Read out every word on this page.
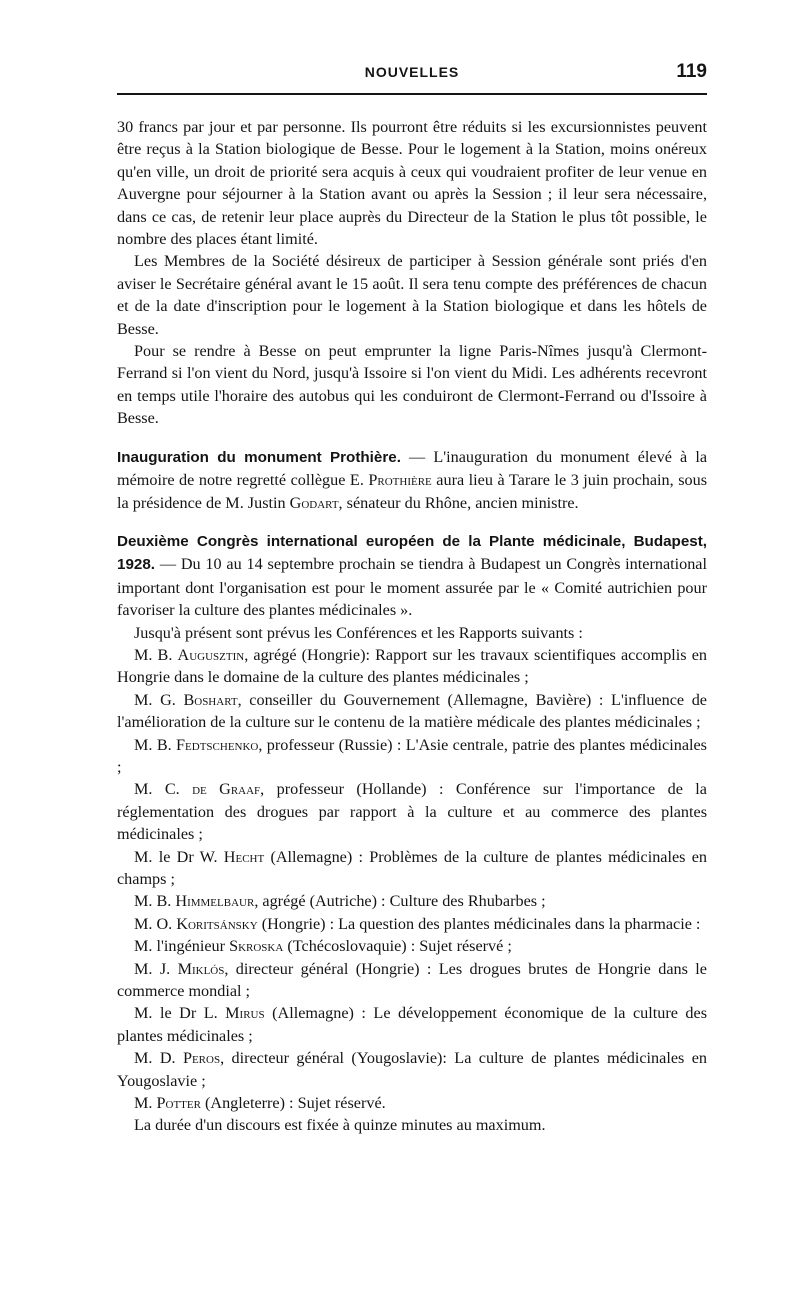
NOUVELLES	119

30 francs par jour et par personne. Ils pourront être réduits si les excursionnistes peuvent être reçus à la Station biologique de Besse. Pour le logement à la Station, moins onéreux qu'en ville, un droit de priorité sera acquis à ceux qui voudraient profiter de leur venue en Auvergne pour séjourner à la Station avant ou après la Session ; il leur sera nécessaire, dans ce cas, de retenir leur place auprès du Directeur de la Station le plus tôt possible, le nombre des places étant limité.

Les Membres de la Société désireux de participer à Session générale sont priés d'en aviser le Secrétaire général avant le 15 août. Il sera tenu compte des préférences de chacun et de la date d'inscription pour le logement à la Station biologique et dans les hôtels de Besse.

Pour se rendre à Besse on peut emprunter la ligne Paris-Nîmes jusqu'à Clermont-Ferrand si l'on vient du Nord, jusqu'à Issoire si l'on vient du Midi. Les adhérents recevront en temps utile l'horaire des autobus qui les conduiront de Clermont-Ferrand ou d'Issoire à Besse.

Inauguration du monument Prothière. — L'inauguration du monument élevé à la mémoire de notre regretté collègue E. Prothière aura lieu à Tarare le 3 juin prochain, sous la présidence de M. Justin Godart, sénateur du Rhône, ancien ministre.

Deuxième Congrès international européen de la Plante médicinale, Budapest, 1928. — Du 10 au 14 septembre prochain se tiendra à Budapest un Congrès international important dont l'organisation est pour le moment assurée par le « Comité autrichien pour favoriser la culture des plantes médicinales ».

Jusqu'à présent sont prévus les Conférences et les Rapports suivants :

M. B. Augusztin, agrégé (Hongrie): Rapport sur les travaux scientifiques accomplis en Hongrie dans le domaine de la culture des plantes médicinales ;

M. G. Boshart, conseiller du Gouvernement (Allemagne, Bavière) : L'influence de l'amélioration de la culture sur le contenu de la matière médicale des plantes médicinales ;

M. B. Fedtschenko, professeur (Russie) : L'Asie centrale, patrie des plantes médicinales ;

M. C. de Graaf, professeur (Hollande) : Conférence sur l'importance de la réglementation des drogues par rapport à la culture et au commerce des plantes médicinales ;

M. le Dr W. Hecht (Allemagne) : Problèmes de la culture de plantes médicinales en champs ;

M. B. Himmelbaur, agrégé (Autriche) : Culture des Rhubarbes ;

M. O. Koritsánsky (Hongrie) : La question des plantes médicinales dans la pharmacie :

M. l'ingénieur Skroska (Tchécoslovaquie) : Sujet réservé ;

M. J. Miklós, directeur général (Hongrie) : Les drogues brutes de Hongrie dans le commerce mondial ;

M. le Dr L. Mirus (Allemagne) : Le développement économique de la culture des plantes médicinales ;

M. D. Peros, directeur général (Yougoslavie): La culture de plantes médicinales en Yougoslavie ;

M. Potter (Angleterre) : Sujet réservé.

La durée d'un discours est fixée à quinze minutes au maximum.
